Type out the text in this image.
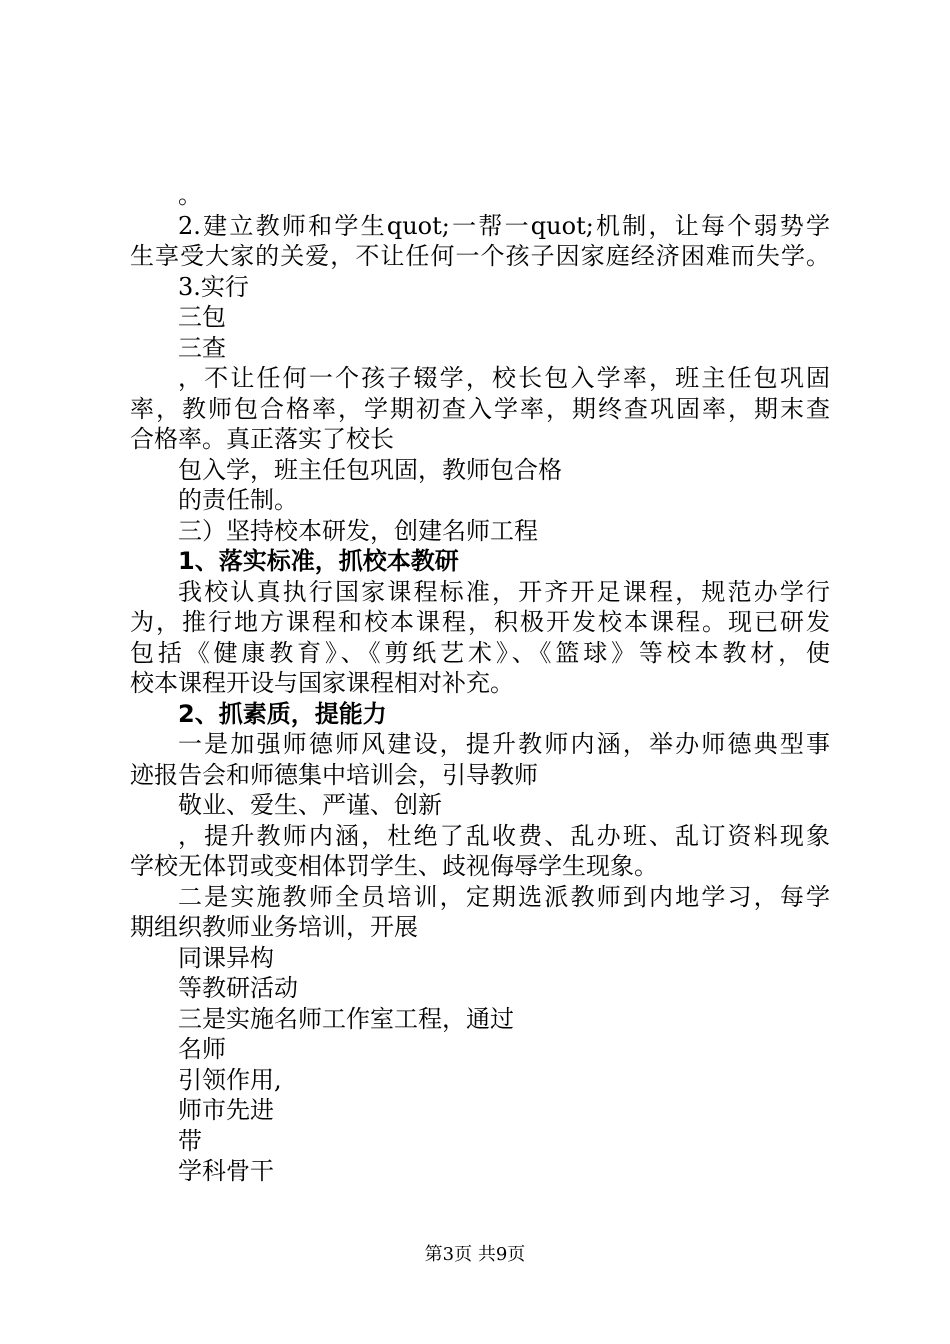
。

2.建立教师和学生quot;一帮一quot;机制，让每个弱势学

生享受大家的关爱，不让任何一个孩子因家庭经济困难而失学。

3.实行

三包

三查

，不让任何一个孩子辍学，校长包入学率，班主任包巩固

率，教师包合格率，学期初查入学率，期终查巩固率，期末查

合格率。真正落实了校长

包入学，班主任包巩固，教师包合格

的责任制。

三）坚持校本研发，创建名师工程

1、落实标准，抓校本教研

我校认真执行国家课程标准，开齐开足课程，规范办学行

为，推行地方课程和校本课程，积极开发校本课程。现已研发

包括《健康教育》、《剪纸艺术》、《篮球》等校本教材，使

校本课程开设与国家课程相对补充。

2、抓素质，提能力

一是加强师德师风建设，提升教师内涵，举办师德典型事

迹报告会和师德集中培训会，引导教师

敬业、爱生、严谨、创新

，提升教师内涵，杜绝了乱收费、乱办班、乱订资料现象

学校无体罚或变相体罚学生、歧视侮辱学生现象。

二是实施教师全员培训，定期选派教师到内地学习，每学

期组织教师业务培训，开展

同课异构

等教研活动

三是实施名师工作室工程，通过

名师

引领作用,

师市先进

带

学科骨干

第3页 共9页
